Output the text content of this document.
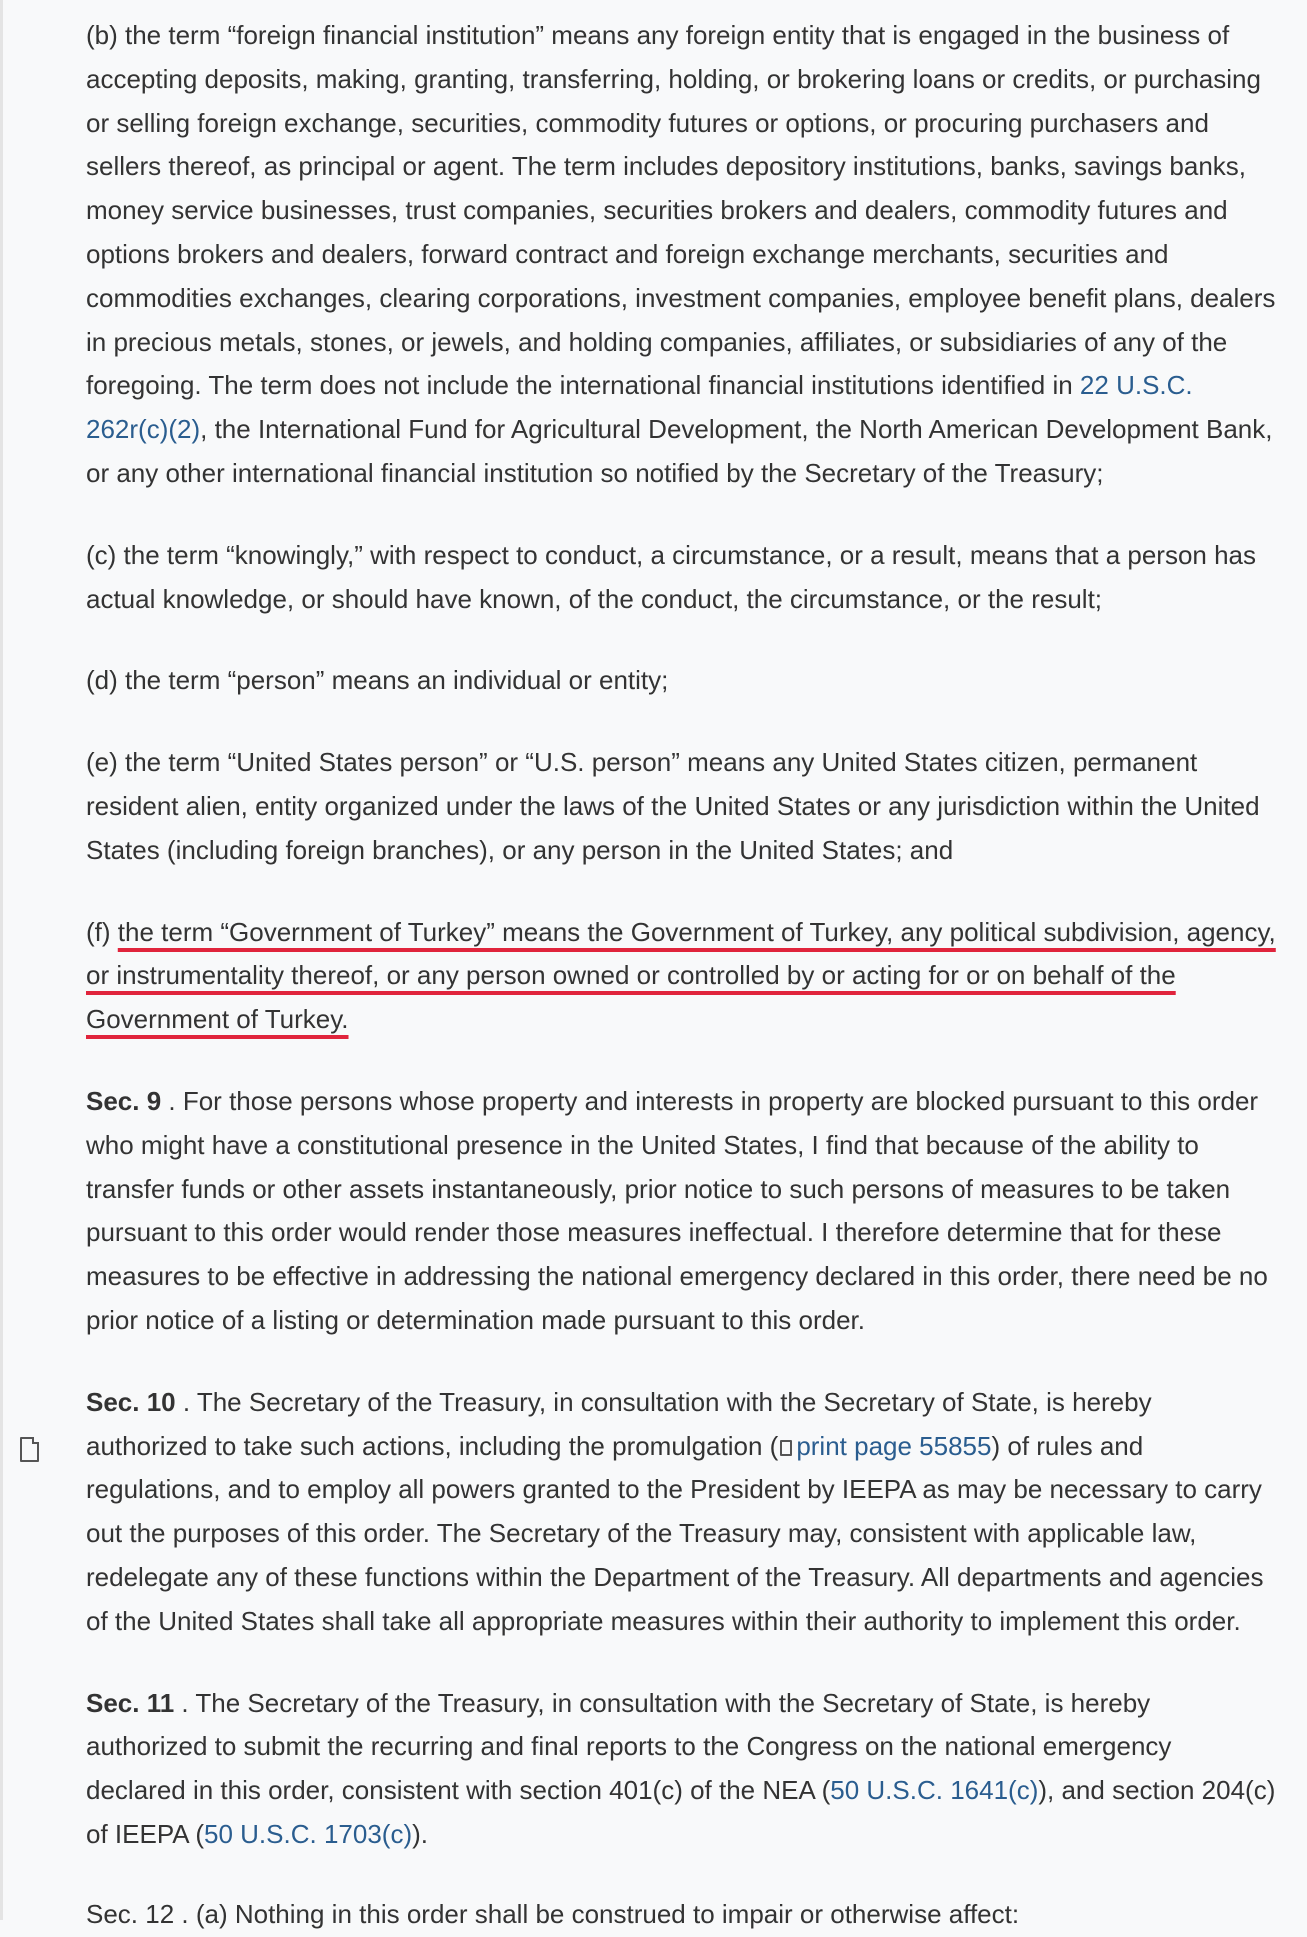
(b) the term “foreign financial institution” means any foreign entity that is engaged in the business of accepting deposits, making, granting, transferring, holding, or brokering loans or credits, or purchasing or selling foreign exchange, securities, commodity futures or options, or procuring purchasers and sellers thereof, as principal or agent. The term includes depository institutions, banks, savings banks, money service businesses, trust companies, securities brokers and dealers, commodity futures and options brokers and dealers, forward contract and foreign exchange merchants, securities and commodities exchanges, clearing corporations, investment companies, employee benefit plans, dealers in precious metals, stones, or jewels, and holding companies, affiliates, or subsidiaries of any of the foregoing. The term does not include the international financial institutions identified in 22 U.S.C. 262r(c)(2), the International Fund for Agricultural Development, the North American Development Bank, or any other international financial institution so notified by the Secretary of the Treasury;

(c) the term “knowingly,” with respect to conduct, a circumstance, or a result, means that a person has actual knowledge, or should have known, of the conduct, the circumstance, or the result;

(d) the term “person” means an individual or entity;

(e) the term “United States person” or “U.S. person” means any United States citizen, permanent resident alien, entity organized under the laws of the United States or any jurisdiction within the United States (including foreign branches), or any person in the United States; and

(f) the term “Government of Turkey” means the Government of Turkey, any political subdivision, agency, or instrumentality thereof, or any person owned or controlled by or acting for or on behalf of the Government of Turkey.

Sec. 9 . For those persons whose property and interests in property are blocked pursuant to this order who might have a constitutional presence in the United States, I find that because of the ability to transfer funds or other assets instantaneously, prior notice to such persons of measures to be taken pursuant to this order would render those measures ineffectual. I therefore determine that for these measures to be effective in addressing the national emergency declared in this order, there need be no prior notice of a listing or determination made pursuant to this order.

Sec. 10 . The Secretary of the Treasury, in consultation with the Secretary of State, is hereby authorized to take such actions, including the promulgation ( print page 55855) of rules and regulations, and to employ all powers granted to the President by IEEPA as may be necessary to carry out the purposes of this order. The Secretary of the Treasury may, consistent with applicable law, redelegate any of these functions within the Department of the Treasury. All departments and agencies of the United States shall take all appropriate measures within their authority to implement this order.

Sec. 11 . The Secretary of the Treasury, in consultation with the Secretary of State, is hereby authorized to submit the recurring and final reports to the Congress on the national emergency declared in this order, consistent with section 401(c) of the NEA (50 U.S.C. 1641(c)), and section 204(c) of IEEPA (50 U.S.C. 1703(c)).

Sec. 12 . (a) Nothing in this order shall be construed to impair or otherwise affect:
